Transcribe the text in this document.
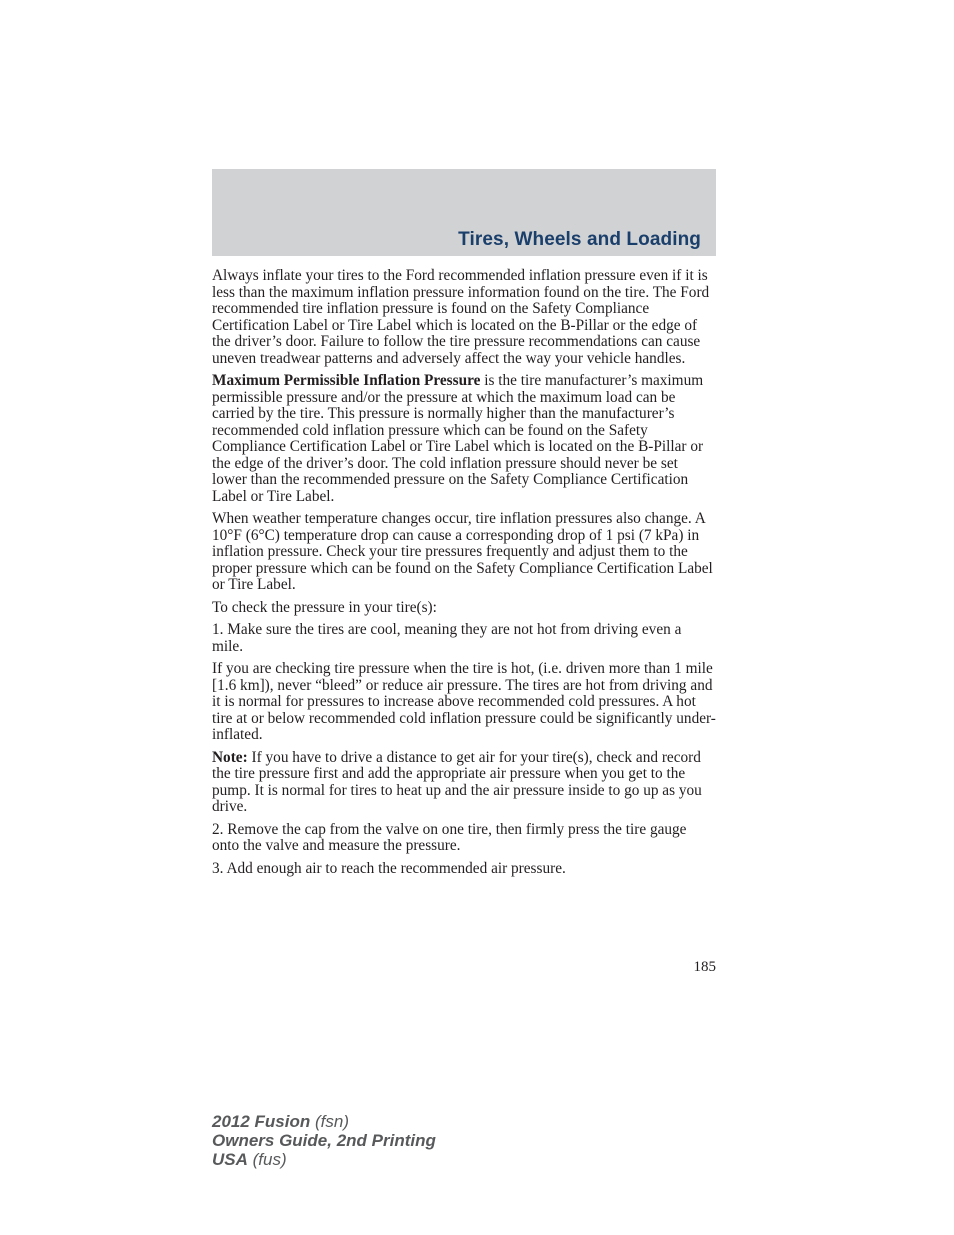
Tires, Wheels and Loading

Always inflate your tires to the Ford recommended inflation pressure even if it is less than the maximum inflation pressure information found on the tire. The Ford recommended tire inflation pressure is found on the Safety Compliance Certification Label or Tire Label which is located on the B-Pillar or the edge of the driver’s door. Failure to follow the tire pressure recommendations can cause uneven treadwear patterns and adversely affect the way your vehicle handles.

Maximum Permissible Inflation Pressure is the tire manufacturer’s maximum permissible pressure and/or the pressure at which the maximum load can be carried by the tire. This pressure is normally higher than the manufacturer’s recommended cold inflation pressure which can be found on the Safety Compliance Certification Label or Tire Label which is located on the B-Pillar or the edge of the driver’s door. The cold inflation pressure should never be set lower than the recommended pressure on the Safety Compliance Certification Label or Tire Label.

When weather temperature changes occur, tire inflation pressures also change. A 10°F (6°C) temperature drop can cause a corresponding drop of 1 psi (7 kPa) in inflation pressure. Check your tire pressures frequently and adjust them to the proper pressure which can be found on the Safety Compliance Certification Label or Tire Label.

To check the pressure in your tire(s):

1. Make sure the tires are cool, meaning they are not hot from driving even a mile.

If you are checking tire pressure when the tire is hot, (i.e. driven more than 1 mile [1.6 km]), never “bleed” or reduce air pressure. The tires are hot from driving and it is normal for pressures to increase above recommended cold pressures. A hot tire at or below recommended cold inflation pressure could be significantly under-inflated.

Note: If you have to drive a distance to get air for your tire(s), check and record the tire pressure first and add the appropriate air pressure when you get to the pump. It is normal for tires to heat up and the air pressure inside to go up as you drive.

2. Remove the cap from the valve on one tire, then firmly press the tire gauge onto the valve and measure the pressure.

3. Add enough air to reach the recommended air pressure.

185
2012 Fusion (fsn)
Owners Guide, 2nd Printing
USA (fus)
